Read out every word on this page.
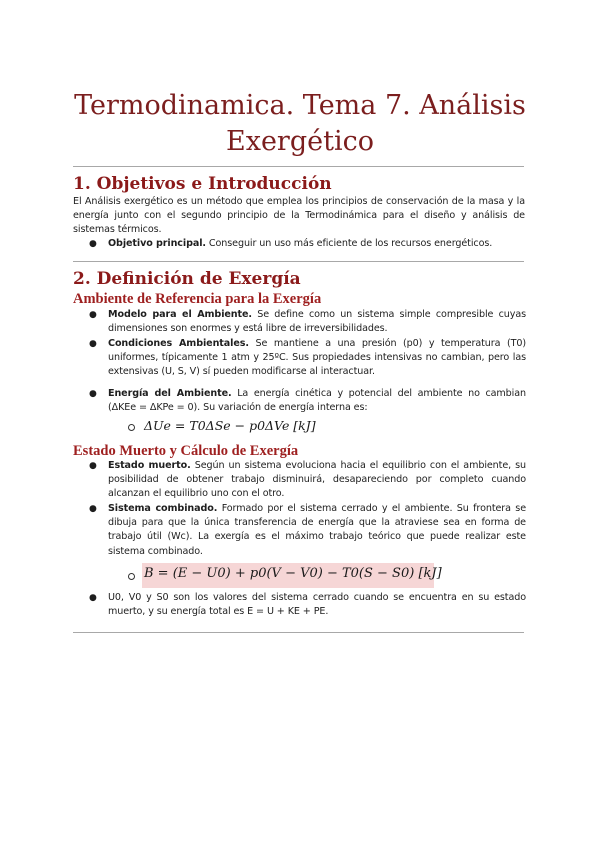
Termodinamica. Tema 7. Análisis Exergético
1. Objetivos e Introducción

El Análisis exergético es un método que emplea los principios de conservación de la masa y la energía junto con el segundo principio de la Termodinámica para el diseño y análisis de sistemas térmicos.

● Objetivo principal. Conseguir un uso más eficiente de los recursos energéticos.

2. Definición de Exergía
Ambiente de Referencia para la Exergía
● Modelo para el Ambiente. Se define como un sistema simple compresible cuyas dimensiones son enormes y está libre de irreversibilidades.

● Condiciones Ambientales. Se mantiene a una presión (p0) y temperatura (T0) uniformes, típicamente 1 atm y 25ºC. Sus propiedades intensivas no cambian, pero las extensivas (U, S, V) sí pueden modificarse al interactuar.

● Energía del Ambiente. La energía cinética y potencial del ambiente no cambian (ΔKEe = ΔKPe = 0). Su variación de energía interna es:

ΔUe = T0ΔSe − p0ΔVe [kJ]
Estado Muerto y Cálculo de Exergía
● Estado muerto. Según un sistema evoluciona hacia el equilibrio con el ambiente, su posibilidad de obtener trabajo disminuirá, desapareciendo por completo cuando alcanzan el equilibrio uno con el otro.

● Sistema combinado. Formado por el sistema cerrado y el ambiente. Su frontera se dibuja para que la única transferencia de energía que la atraviese sea en forma de trabajo útil (Wc). La exergía es el máximo trabajo teórico que puede realizar este sistema combinado.

B = (E − U0) + p0(V − V0) − T0(S − S0) [kJ]
● U0, V0 y S0 son los valores del sistema cerrado cuando se encuentra en su estado muerto, y su energía total es E = U + KE + PE.
